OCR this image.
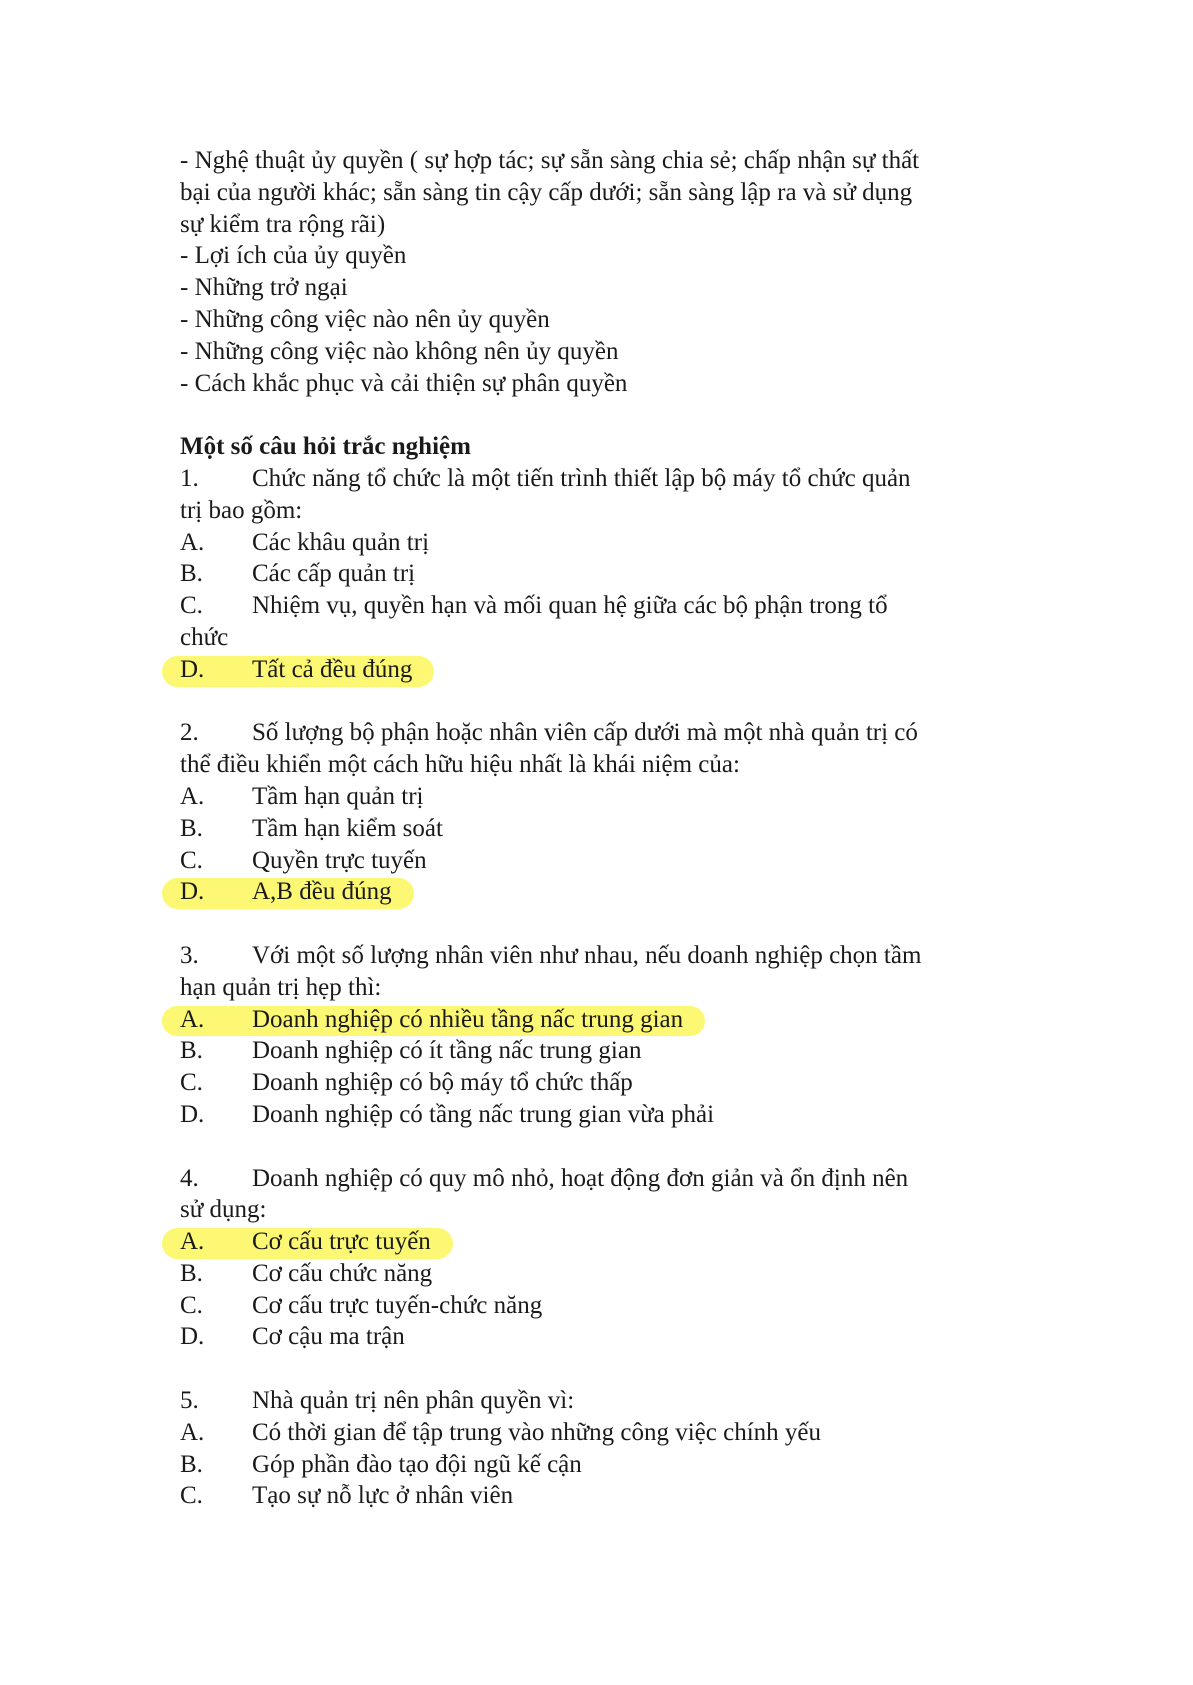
- Nghệ thuật ủy quyền ( sự hợp tác; sự sẵn sàng chia sẻ; chấp nhận sự thất
bại của người khác; sẵn sàng tin cậy cấp dưới; sẵn sàng lập ra và sử dụng
sự kiểm tra rộng rãi)
- Lợi ích của ủy quyền
- Những trở ngại
- Những công việc nào nên ủy quyền
- Những công việc nào không nên ủy quyền
- Cách khắc phục và cải thiện sự phân quyền
Một số câu hỏi trắc nghiệm
1.	Chức năng tổ chức là một tiến trình thiết lập bộ máy tổ chức quản
trị bao gồm:
A.	Các khâu quản trị
B.	Các cấp quản trị
C.	Nhiệm vụ, quyền hạn và mối quan hệ giữa các bộ phận trong tổ
chức
D.	Tất cả đều đúng
2.	Số lượng bộ phận hoặc nhân viên cấp dưới mà một nhà quản trị có
thể điều khiển một cách hữu hiệu nhất là khái niệm của:
A.	Tầm hạn quản trị
B.	Tầm hạn kiểm soát
C.	Quyền trực tuyến
D.	A,B đều đúng
3.	Với một số lượng nhân viên như nhau, nếu doanh nghiệp chọn tầm
hạn quản trị hẹp thì:
A.	Doanh nghiệp có nhiều tầng nấc trung gian
B.	Doanh nghiệp có ít tầng nấc trung gian
C.	Doanh nghiệp có bộ máy tổ chức thấp
D.	Doanh nghiệp có tầng nấc trung gian vừa phải
4.	Doanh nghiệp có quy mô nhỏ, hoạt động đơn giản và ổn định nên
sử dụng:
A.	Cơ cấu trực tuyến
B.	Cơ cấu chức năng
C.	Cơ cấu trực tuyến-chức năng
D.	Cơ cậu ma trận
5.	Nhà quản trị nên phân quyền vì:
A.	Có thời gian để tập trung vào những công việc chính yếu
B.	Góp phần đào tạo đội ngũ kế cận
C.	Tạo sự nỗ lực ở nhân viên
